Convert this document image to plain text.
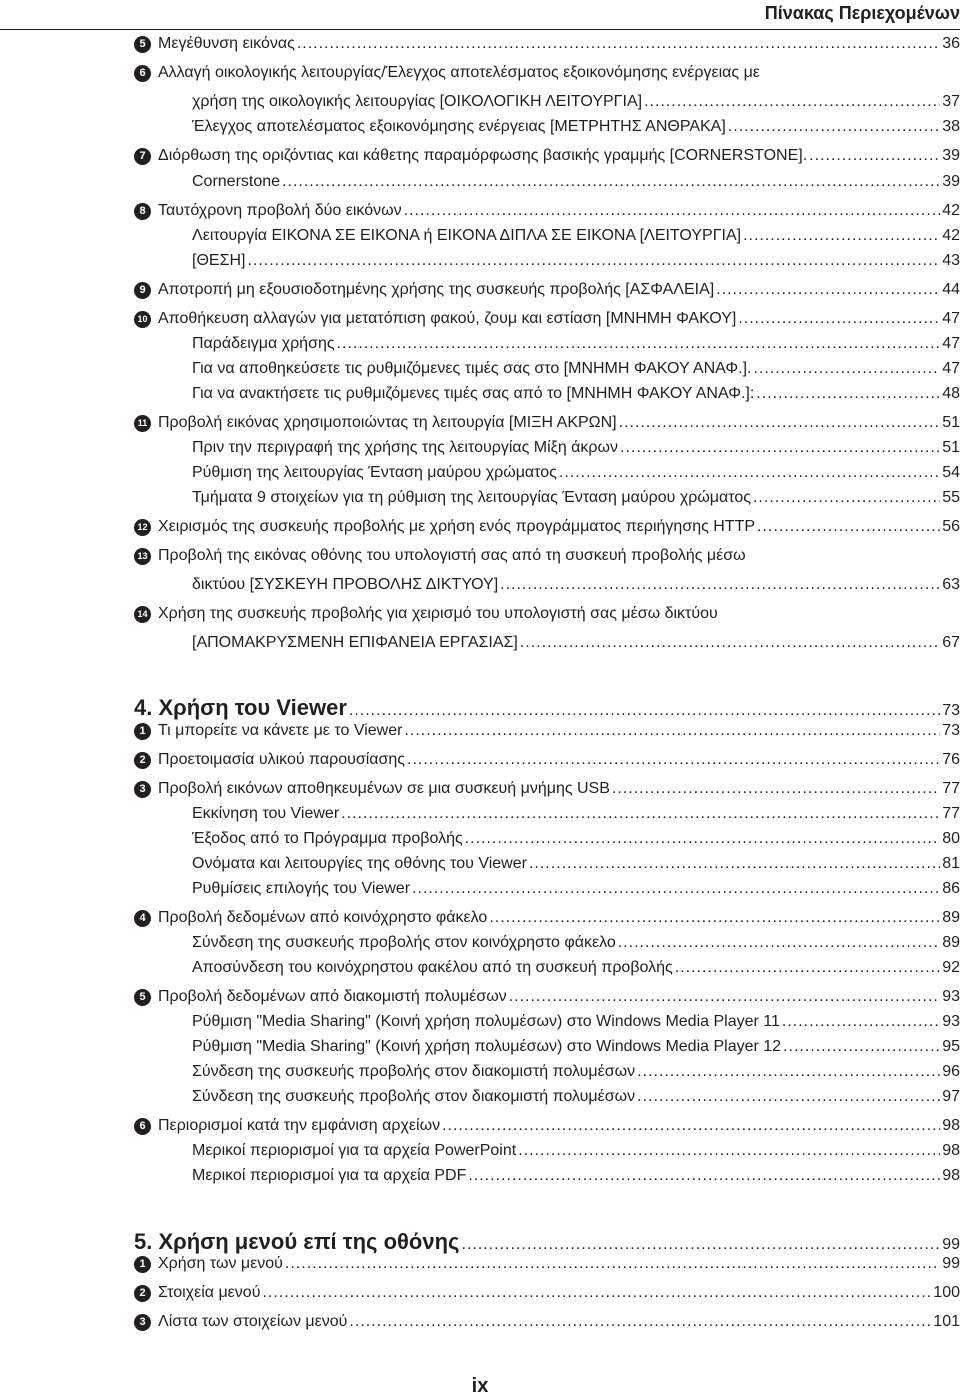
Πίνακας Περιεχομένων
5 Μεγέθυνση εικόνας .....	36
6 Αλλαγή οικολογικής λειτουργίας/Έλεγχος αποτελέσματος εξοικονόμησης ενέργειας με
χρήση της οικολογικής λειτουργίας [ΟΙΚΟΛΟΓΙΚΗ ΛΕΙΤΟΥΡΓΙΑ] .....	37
Έλεγχος αποτελέσματος εξοικονόμησης ενέργειας [ΜΕΤΡΗΤΗΣ ΑΝΘΡΑΚΑ] .....	38
7 Διόρθωση της οριζόντιας και κάθετης παραμόρφωσης βασικής γραμμής [CORNERSTONE]. .....	39
Cornerstone .....	39
8 Ταυτόχρονη προβολή δύο εικόνων .....	42
Λειτουργία ΕΙΚΟΝΑ ΣΕ ΕΙΚΟΝΑ ή ΕΙΚΟΝΑ ΔΙΠΛΑ ΣΕ ΕΙΚΟΝΑ [ΛΕΙΤΟΥΡΓΙΑ] .....	42
[ΘΕΣΗ] .....	43
9 Αποτροπή μη εξουσιοδοτημένης χρήσης της συσκευής προβολής [ΑΣΦΑΛΕΙΑ] .....	44
10 Αποθήκευση αλλαγών για μετατόπιση φακού, ζουμ και εστίαση [ΜΝΗΜΗ ΦΑΚΟΥ] .....	47
Παράδειγμα χρήσης .....	47
Για να αποθηκεύσετε τις ρυθμιζόμενες τιμές σας στο [ΜΝΗΜΗ ΦΑΚΟΥ ΑΝΑΦ.]. .....	47
Για να ανακτήσετε τις ρυθμιζόμενες τιμές σας από το [ΜΝΗΜΗ ΦΑΚΟΥ ΑΝΑΦ.]: .....	48
11 Προβολή εικόνας χρησιμοποιώντας τη λειτουργία [ΜΙΞΗ ΑΚΡΩΝ] .....	51
Πριν την περιγραφή της χρήσης της λειτουργίας Μίξη άκρων .....	51
Ρύθμιση της λειτουργίας Ένταση μαύρου χρώματος .....	54
Τμήματα 9 στοιχείων για τη ρύθμιση της λειτουργίας Ένταση μαύρου χρώματος .....	55
12 Χειρισμός της συσκευής προβολής με χρήση ενός προγράμματος περιήγησης HTTP .....	56
13 Προβολή της εικόνας οθόνης του υπολογιστή σας από τη συσκευή προβολής μέσω
δικτύου [ΣΥΣΚΕΥΗ ΠΡΟΒΟΛΗΣ ΔΙΚΤΥΟΥ] .....	63
14 Χρήση της συσκευής προβολής για χειρισμό του υπολογιστή σας μέσω δικτύου
[ΑΠΟΜΑΚΡΥΣΜΕΝΗ ΕΠΙΦΑΝΕΙΑ ΕΡΓΑΣΙΑΣ] .....	67
4. Χρήση του Viewer .....	73
1 Τι μπορείτε να κάνετε με το Viewer .....	73
2 Προετοιμασία υλικού παρουσίασης .....	76
3 Προβολή εικόνων αποθηκευμένων σε μια συσκευή μνήμης USB .....	77
Εκκίνηση του Viewer .....	77
Έξοδος από το Πρόγραμμα προβολής .....	80
Ονόματα και λειτουργίες της οθόνης του Viewer .....	81
Ρυθμίσεις επιλογής του Viewer .....	86
4 Προβολή δεδομένων από κοινόχρηστο φάκελο .....	89
Σύνδεση της συσκευής προβολής στον κοινόχρηστο φάκελο .....	89
Αποσύνδεση του κοινόχρηστου φακέλου από τη συσκευή προβολής .....	92
5 Προβολή δεδομένων από διακομιστή πολυμέσων .....	93
Ρύθμιση "Media Sharing" (Κοινή χρήση πολυμέσων) στο Windows Media Player 11 .....	93
Ρύθμιση "Media Sharing" (Κοινή χρήση πολυμέσων) στο Windows Media Player 12 .....	95
Σύνδεση της συσκευής προβολής στον διακομιστή πολυμέσων .....	96
Σύνδεση της συσκευής προβολής στον διακομιστή πολυμέσων .....	97
6 Περιορισμοί κατά την εμφάνιση αρχείων .....	98
Μερικοί περιορισμοί για τα αρχεία PowerPoint .....	98
Μερικοί περιορισμοί για τα αρχεία PDF .....	98
5. Χρήση μενού επί της οθόνης .....	99
1 Χρήση των μενού .....	99
2 Στοιχεία μενού .....	100
3 Λίστα των στοιχείων μενού .....	101
ix
